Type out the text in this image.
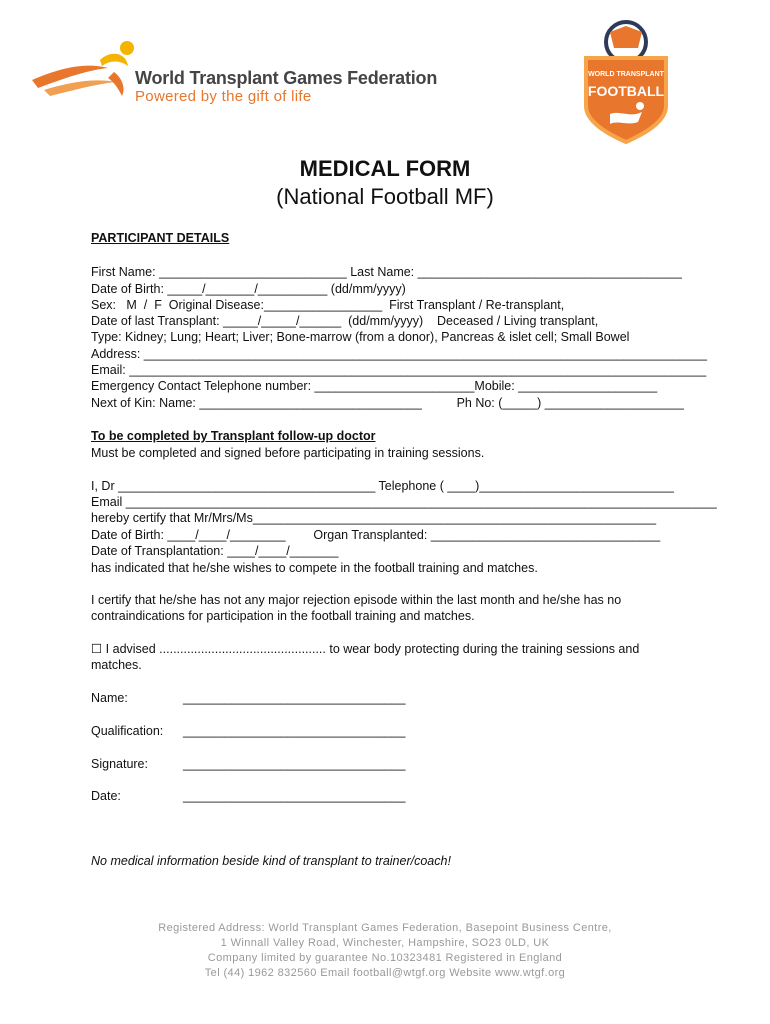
World Transplant Games Federation
Powered by the gift of life
WORLD TRANSPLANT
FOOTBALL
MEDICAL FORM
(National Football MF)
PARTICIPANT DETAILS
First Name: ___________________________ Last Name: ______________________________________
Date of Birth: _____/_______/__________ (dd/mm/yyyy)
Sex:   M  /  F  Original Disease:_________________  First Transplant / Re-transplant,
Date of last Transplant: _____/_____/______  (dd/mm/yyyy)    Deceased / Living transplant,
Type: Kidney; Lung; Heart; Liver; Bone-marrow (from a donor), Pancreas & islet cell; Small Bowel
Address: _________________________________________________________________________________
Email: ___________________________________________________________________________________
Emergency Contact Telephone number: _______________________Mobile: ____________________
Next of Kin: Name: ________________________________          Ph No: (_____) ____________________
To be completed by Transplant follow-up doctor
Must be completed and signed before participating in training sessions.
I, Dr _____________________________________ Telephone ( ____)____________________________
Email _____________________________________________________________________________________
hereby certify that Mr/Mrs/Ms__________________________________________________________
Date of Birth: ____/____/________        Organ Transplanted: _________________________________
Date of Transplantation: ____/____/_______
has indicated that he/she wishes to compete in the football training and matches.
I certify that he/she has not any major rejection episode within the last month and he/she has no
contraindications for participation in the football training and matches.
☐ I advised ................................................ to wear body protecting during the training sessions and
matches.
Name:	________________________________
Qualification: ________________________________
Signature:	________________________________
Date:	________________________________
No medical information beside kind of transplant to trainer/coach!
Registered Address: World Transplant Games Federation, Basepoint Business Centre,
1 Winnall Valley Road, Winchester, Hampshire, SO23 0LD, UK
Company limited by guarantee No.10323481 Registered in England
Tel (44) 1962 832560 Email football@wtgf.org Website www.wtgf.org
